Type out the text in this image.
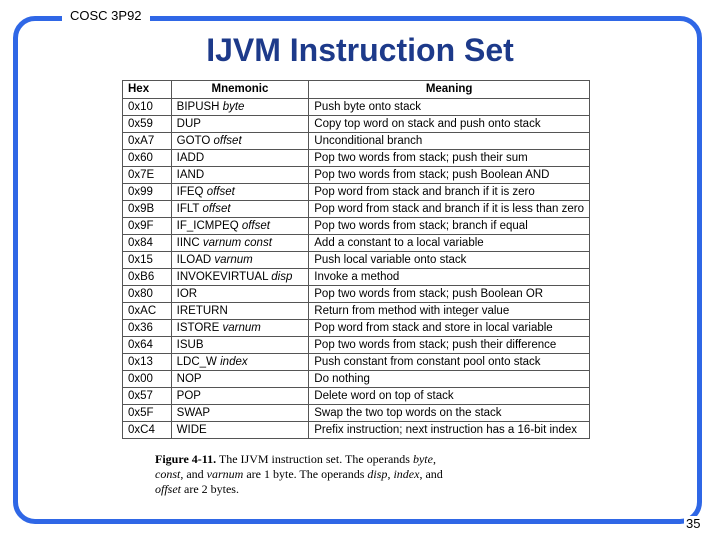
COSC 3P92
IJVM Instruction Set
Hex	Mnemonic	Meaning
0x10	BIPUSH byte	Push byte onto stack
0x59	DUP	Copy top word on stack and push onto stack
0xA7	GOTO offset	Unconditional branch
0x60	IADD	Pop two words from stack; push their sum
0x7E	IAND	Pop two words from stack; push Boolean AND
0x99	IFEQ offset	Pop word from stack and branch if it is zero
0x9B	IFLT offset	Pop word from stack and branch if it is less than zero
0x9F	IF_ICMPEQ offset	Pop two words from stack; branch if equal
0x84	IINC varnum const	Add a constant to a local variable
0x15	ILOAD varnum	Push local variable onto stack
0xB6	INVOKEVIRTUAL disp	Invoke a method
0x80	IOR	Pop two words from stack; push Boolean OR
0xAC	IRETURN	Return from method with integer value
0x36	ISTORE varnum	Pop word from stack and store in local variable
0x64	ISUB	Pop two words from stack; push their difference
0x13	LDC_W index	Push constant from constant pool onto stack
0x00	NOP	Do nothing
0x57	POP	Delete word on top of stack
0x5F	SWAP	Swap the two top words on the stack
0xC4	WIDE	Prefix instruction; next instruction has a 16-bit index
Figure 4-11. The IJVM instruction set. The operands byte,
const, and varnum are 1 byte. The operands disp, index, and
offset are 2 bytes.
35
